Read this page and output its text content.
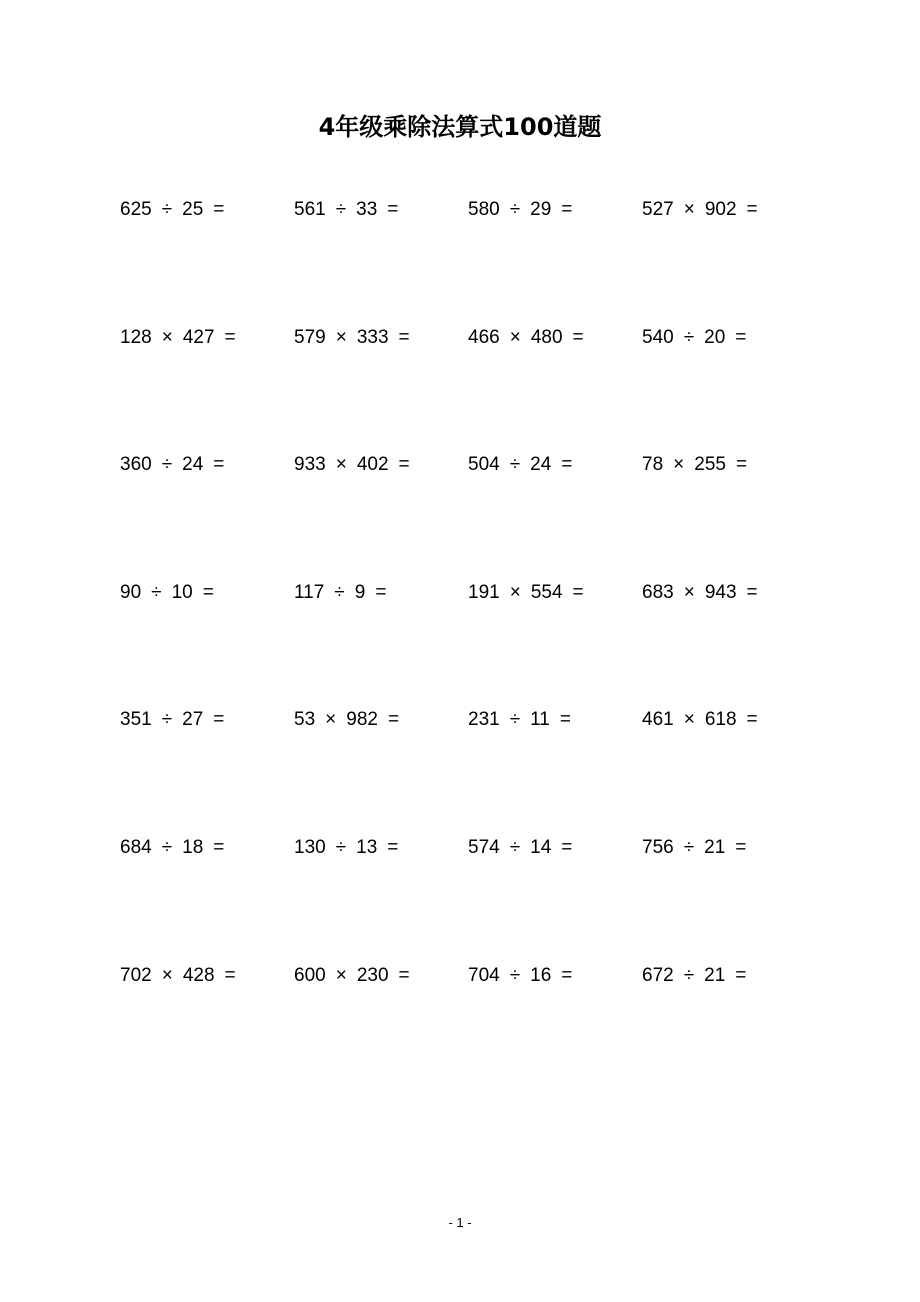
4年级乘除法算式100道题
625 ÷ 25 =	561 ÷ 33 =	580 ÷ 29 =	527 × 902 =
128 × 427 =	579 × 333 =	466 × 480 =	540 ÷ 20 =
360 ÷ 24 =	933 × 402 =	504 ÷ 24 =	78 × 255 =
90 ÷ 10 =	117 ÷ 9 =	191 × 554 =	683 × 943 =
351 ÷ 27 =	53 × 982 =	231 ÷ 11 =	461 × 618 =
684 ÷ 18 =	130 ÷ 13 =	574 ÷ 14 =	756 ÷ 21 =
702 × 428 =	600 × 230 =	704 ÷ 16 =	672 ÷ 21 =
- 1 -
